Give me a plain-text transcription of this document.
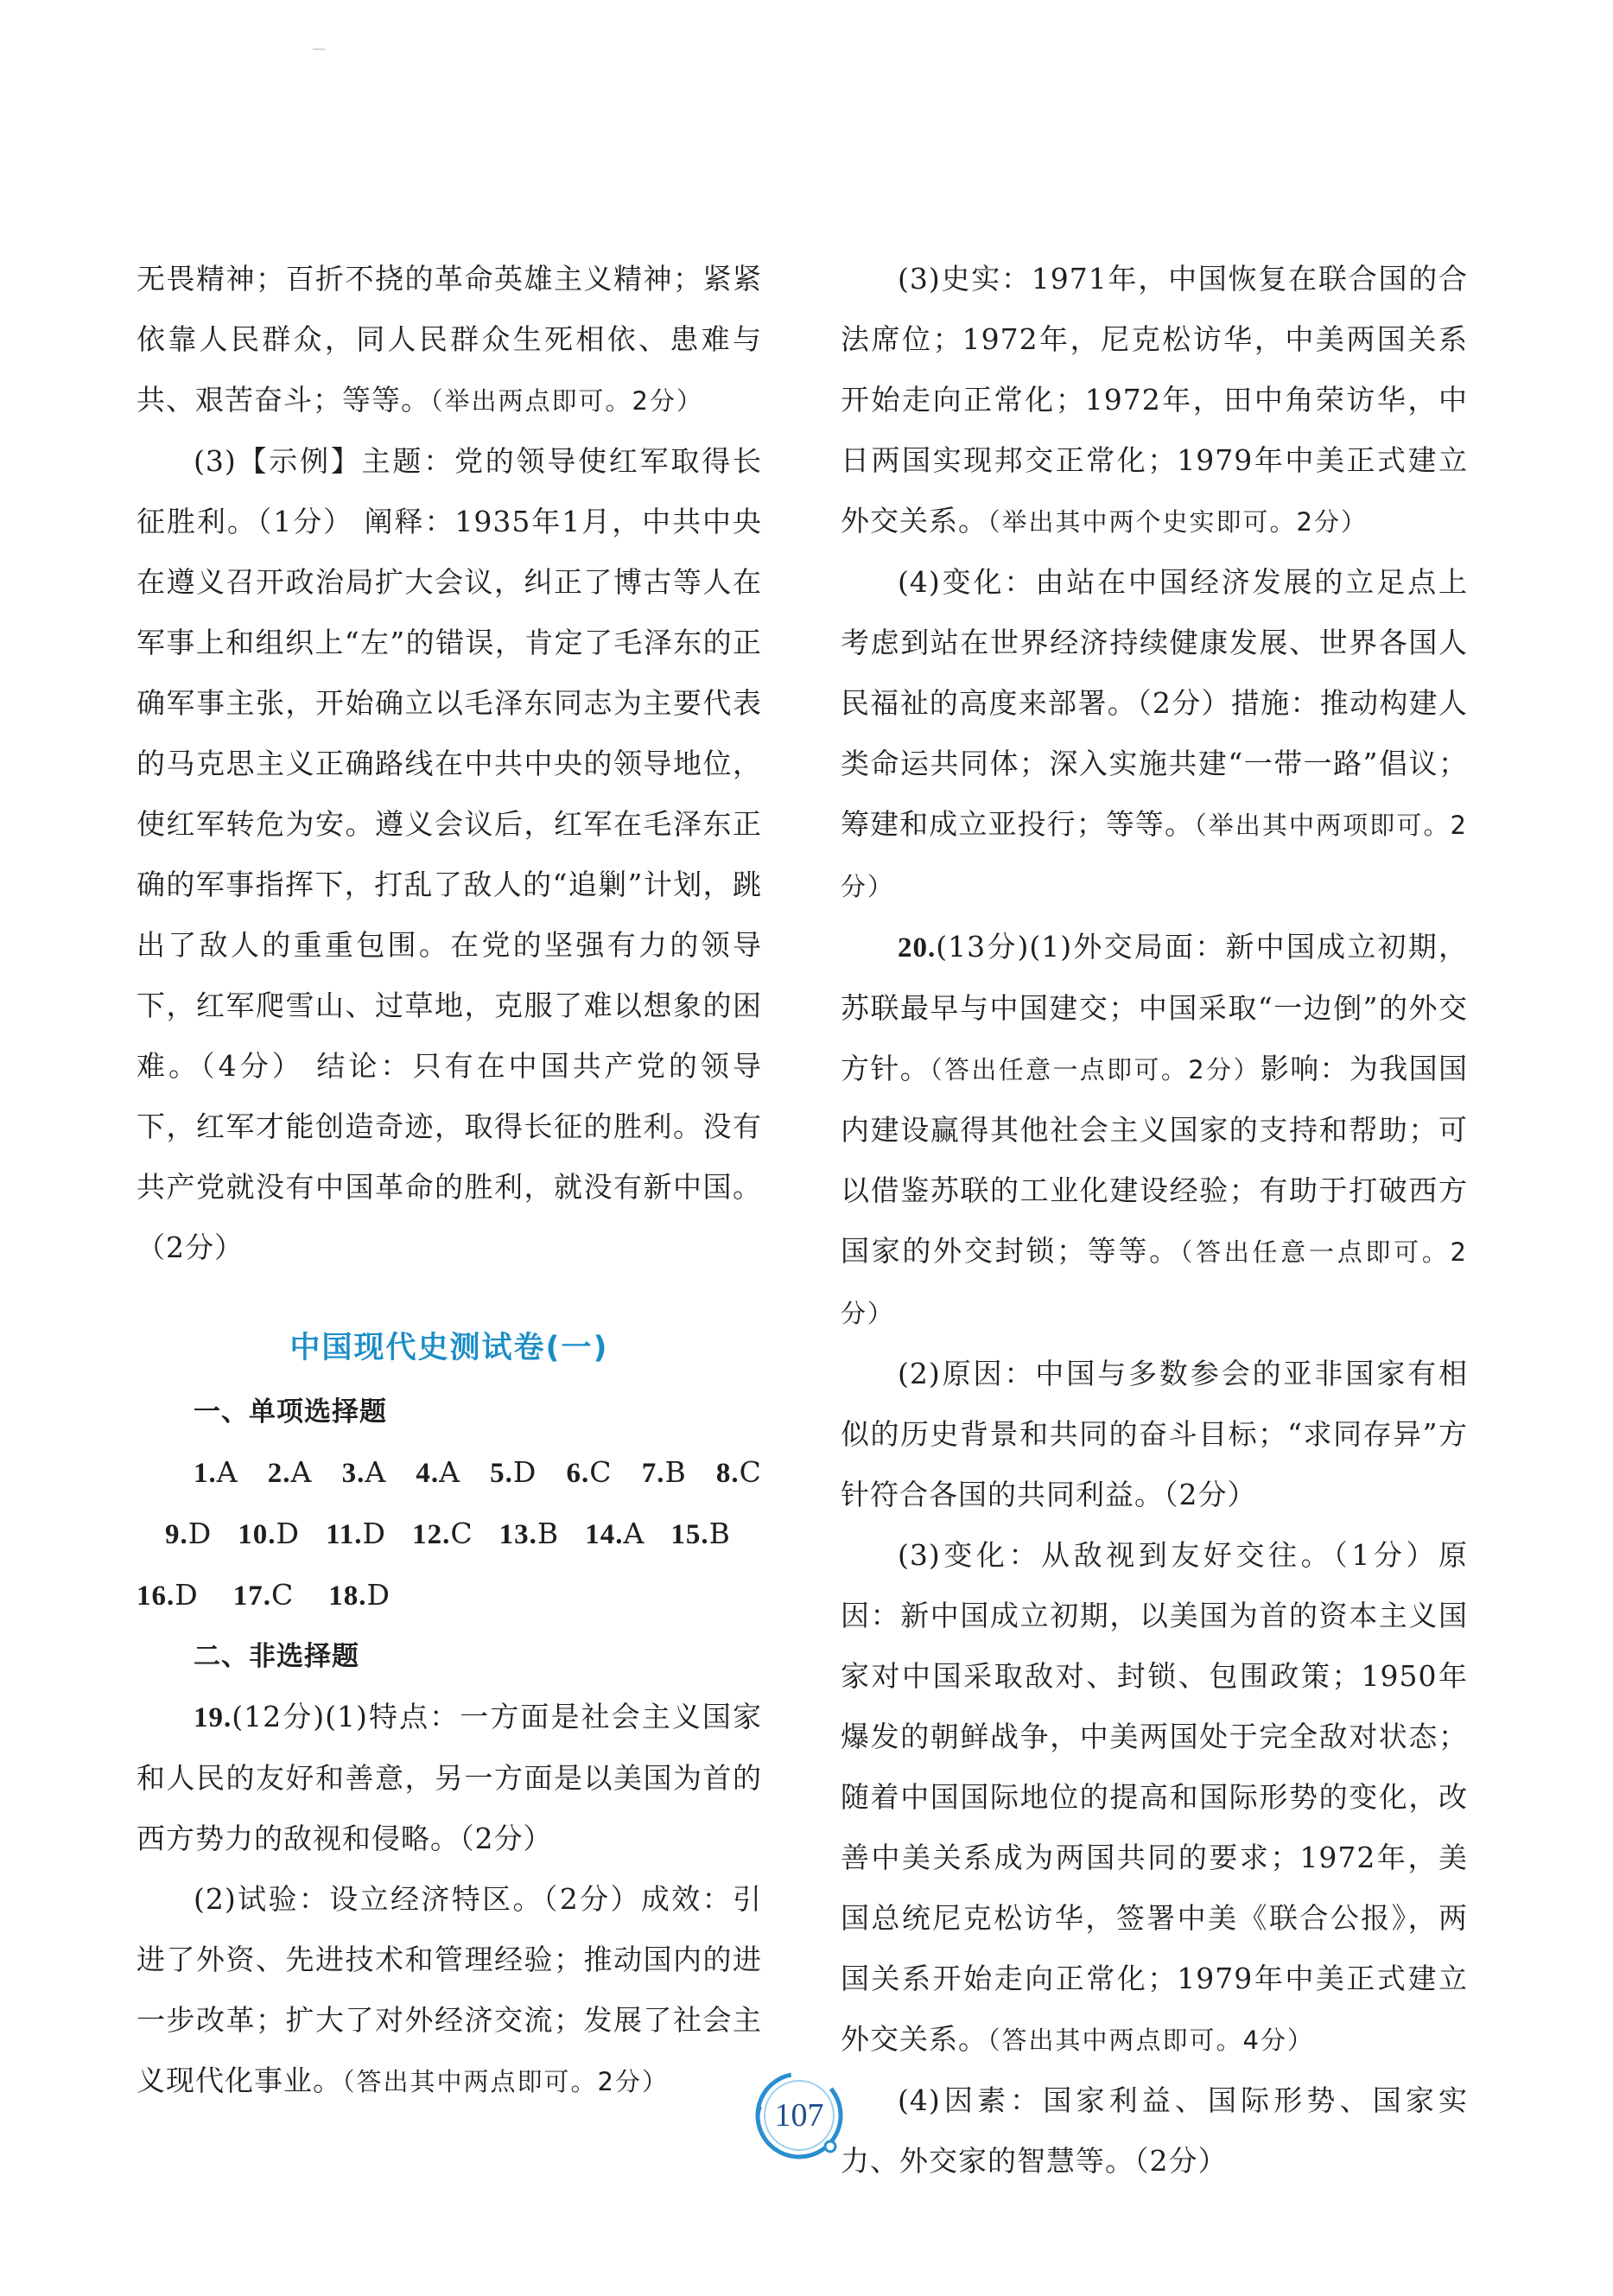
无畏精神；百折不挠的革命英雄主义精神；紧紧依靠人民群众，同人民群众生死相依、患难与共、艰苦奋斗；等等。（举出两点即可。2分）

(3)【示例】主题：党的领导使红军取得长征胜利。（1分） 阐释：1935年1月，中共中央在遵义召开政治局扩大会议，纠正了博古等人在军事上和组织上“左”的错误，肯定了毛泽东的正确军事主张，开始确立以毛泽东同志为主要代表的马克思主义正确路线在中共中央的领导地位，使红军转危为安。遵义会议后，红军在毛泽东正确的军事指挥下，打乱了敌人的“追剿”计划，跳出了敌人的重重包围。在党的坚强有力的领导下，红军爬雪山、过草地，克服了难以想象的困难。（4分） 结论：只有在中国共产党的领导下，红军才能创造奇迹，取得长征的胜利。没有共产党就没有中国革命的胜利，就没有新中国。（2分）

中国现代史测试卷(一)
一、单项选择题
1.A 2.A 3.A 4.A 5.D 6.C 7.B 8.C
9.D 10.D 11.D 12.C 13.B 14.A 15.B
16.D 17.C 18.D
二、非选择题

19.(12分)(1)特点：一方面是社会主义国家和人民的友好和善意，另一方面是以美国为首的西方势力的敌视和侵略。（2分）

(2)试验：设立经济特区。（2分）成效：引进了外资、先进技术和管理经验；推动国内的进一步改革；扩大了对外经济交流；发展了社会主义现代化事业。（答出其中两点即可。2分）

(3)史实：1971年，中国恢复在联合国的合法席位；1972年，尼克松访华，中美两国关系开始走向正常化；1972年，田中角荣访华，中日两国实现邦交正常化；1979年中美正式建立外交关系。（举出其中两个史实即可。2分）

(4)变化：由站在中国经济发展的立足点上考虑到站在世界经济持续健康发展、世界各国人民福祉的高度来部署。（2分）措施：推动构建人类命运共同体；深入实施共建“一带一路”倡议；筹建和成立亚投行；等等。（举出其中两项即可。2分）

20.(13分)(1)外交局面：新中国成立初期，苏联最早与中国建交；中国采取“一边倒”的外交方针。（答出任意一点即可。2分）影响：为我国国内建设赢得其他社会主义国家的支持和帮助；可以借鉴苏联的工业化建设经验；有助于打破西方国家的外交封锁；等等。（答出任意一点即可。2分）

(2)原因：中国与多数参会的亚非国家有相似的历史背景和共同的奋斗目标；“求同存异”方针符合各国的共同利益。（2分）

(3)变化：从敌视到友好交往。（1分）原因：新中国成立初期，以美国为首的资本主义国家对中国采取敌对、封锁、包围政策；1950年爆发的朝鲜战争，中美两国处于完全敌对状态；随着中国国际地位的提高和国际形势的变化，改善中美关系成为两国共同的要求；1972年，美国总统尼克松访华，签署中美《联合公报》，两国关系开始走向正常化；1979年中美正式建立外交关系。（答出其中两点即可。4分）

(4)因素：国家利益、国际形势、国家实力、外交家的智慧等。（2分）

107
